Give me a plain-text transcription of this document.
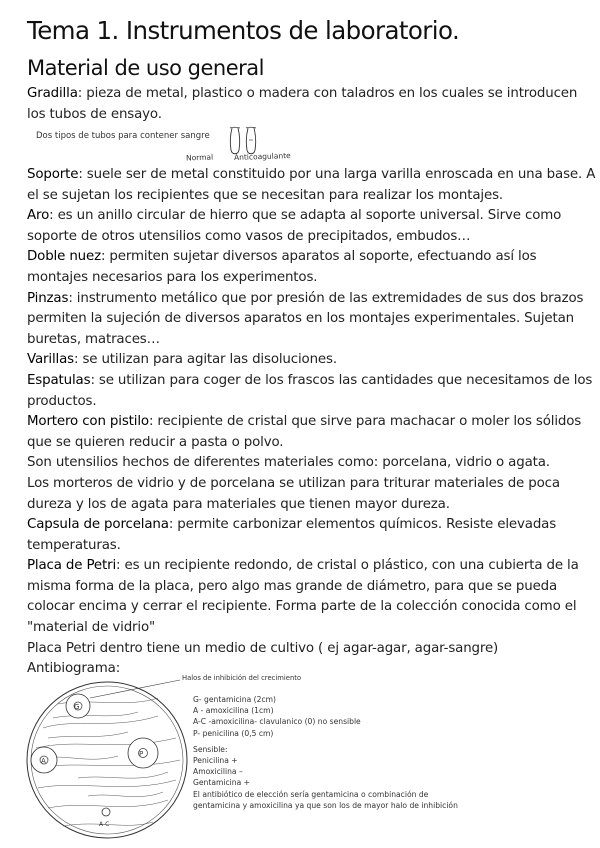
Tema 1. Instrumentos de laboratorio.
Material de uso general

Gradilla: pieza de metal, plastico o madera con taladros en los cuales se introducen los tubos de ensayo.

Dos tipos de tubos para contener sangre
Normal	Anticoagulante

Soporte: suele ser de metal constituido por una larga varilla enroscada en una base. A el se sujetan los recipientes que se necesitan para realizar los montajes.

Aro: es un anillo circular de hierro que se adapta al soporte universal. Sirve como soporte de otros utensilios como vasos de precipitados, embudos…

Doble nuez: permiten sujetar diversos aparatos al soporte, efectuando así los montajes necesarios para los experimentos.

Pinzas: instrumento metálico que por presión de las extremidades de sus dos brazos permiten la sujeción de diversos aparatos en los montajes experimentales. Sujetan buretas, matraces…

Varillas: se utilizan para agitar las disoluciones.

Espatulas: se utilizan para coger de los frascos las cantidades que necesitamos de los productos.

Mortero con pistilo: recipiente de cristal que sirve para machacar o moler los sólidos que se quieren reducir a pasta o polvo.

Son utensilios hechos de diferentes materiales como: porcelana, vidrio o agata.

Los morteros de vidrio y de porcelana se utilizan para triturar materiales de poca dureza y los de agata para materiales que tienen mayor dureza.

Capsula de porcelana: permite carbonizar elementos químicos. Resiste elevadas temperaturas.

Placa de Petri: es un recipiente redondo, de cristal o plástico, con una cubierta de la misma forma de la placa, pero algo mas grande de diámetro, para que se pueda colocar encima y cerrar el recipiente. Forma parte de la colección conocida como el "material de vidrio"

Placa Petri dentro tiene un medio de cultivo ( ej agar-agar, agar-sangre)

Antibiograma:

G
A
P
A-C
Halos de inhibición del crecimiento
G- gentamicina (2cm)
A - amoxicilina (1cm)
A-C -amoxicilina- clavulanico (0) no sensible
P- penicilina (0,5 cm)
Sensible:
Penicilina +
Amoxicilina –
Gentamicina +
El antibiótico de elección sería gentamicina o combinación de
gentamicina y amoxicilina ya que son los de mayor halo de inhibición
